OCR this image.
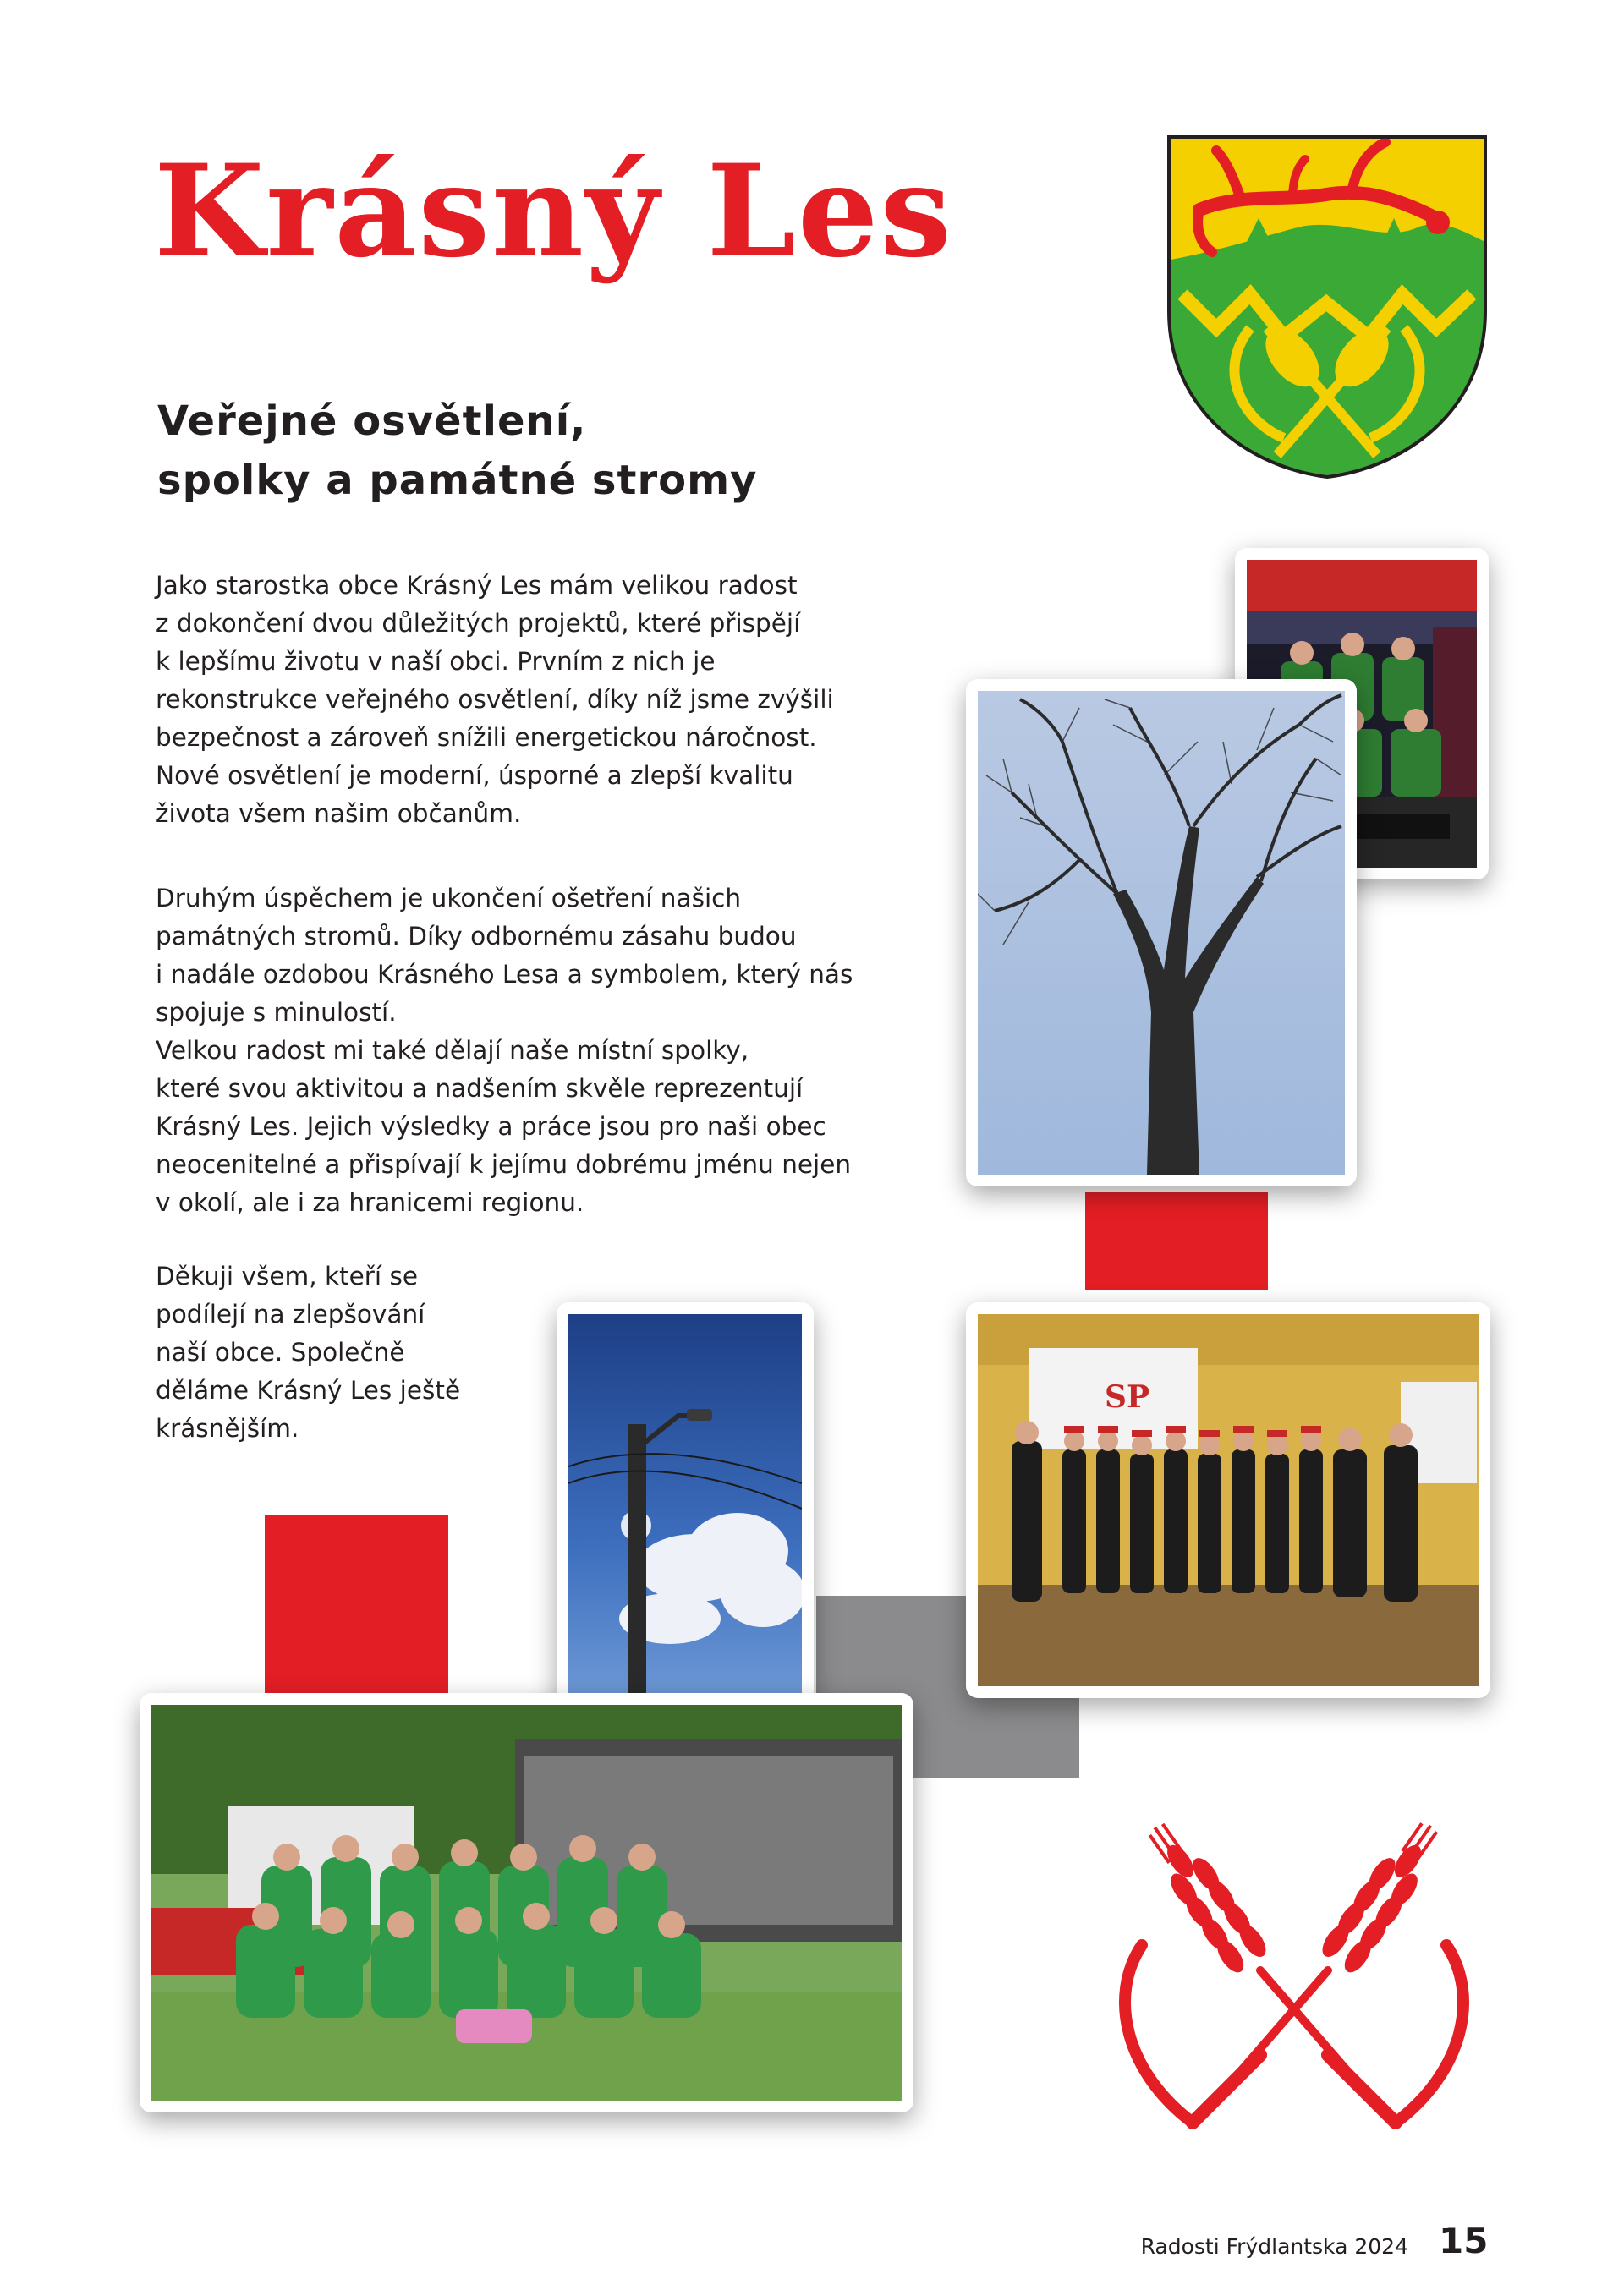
Krásný Les
Veřejné osvětlení,
spolky a památné stromy

Jako starostka obce Krásný Les mám velikou radost
z dokončení dvou důležitých projektů, které přispějí
k lepšímu životu v naší obci. Prvním z nich je
rekonstrukce veřejného osvětlení, díky níž jsme zvýšili
bezpečnost a zároveň snížili energetickou náročnost.
Nové osvětlení je moderní, úsporné a zlepší kvalitu
života všem našim občanům.

Druhým úspěchem je ukončení ošetření našich
památných stromů. Díky odbornému zásahu budou
i nadále ozdobou Krásného Lesa a symbolem, který nás
spojuje s minulostí.
Velkou radost mi také dělají naše místní spolky,
které svou aktivitou a nadšením skvěle reprezentují
Krásný Les. Jejich výsledky a práce jsou pro naši obec
neocenitelné a přispívají k jejímu dobrému jménu nejen
v okolí, ale i za hranicemi regionu.

Děkuji všem, kteří se
podílejí na zlepšování
naší obce. Společně
děláme Krásný Les ještě
krásnějším.

SP
Radosti Frýdlantska 2024 15
